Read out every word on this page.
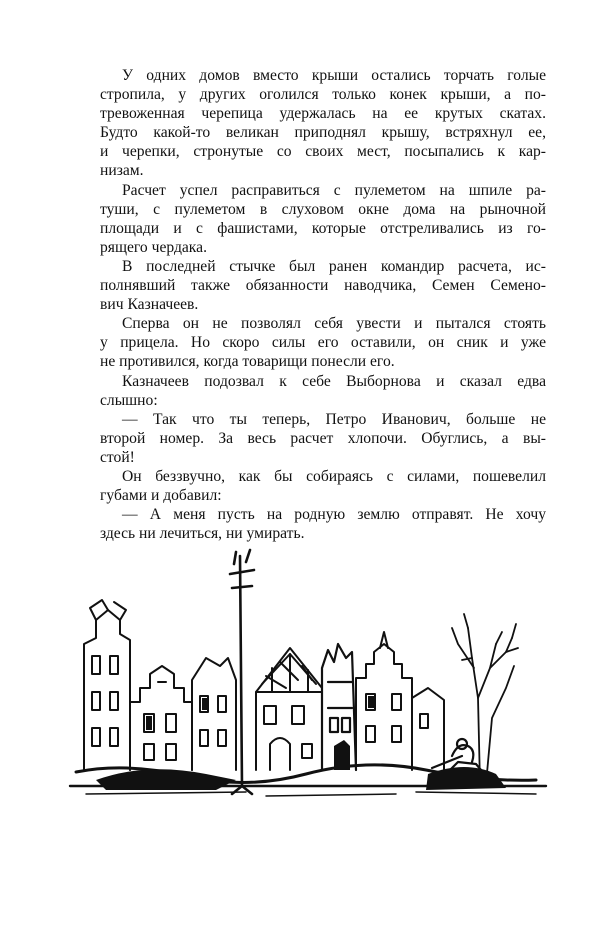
У одних домов вместо крыши остались торчать голые
стропила, у других оголился только конек крыши, а по-
тревоженная черепица удержалась на ее крутых скатах.
Будто какой-то великан приподнял крышу, встряхнул ее,
и черепки, стронутые со своих мест, посыпались к кар-
низам.

Расчет успел расправиться с пулеметом на шпиле ра-
туши, с пулеметом в слуховом окне дома на рыночной
площади и с фашистами, которые отстреливались из го-
рящего чердака.

В последней стычке был ранен командир расчета, ис-
полнявший также обязанности наводчика, Семен Семено-
вич Казначеев.

Сперва он не позволял себя увести и пытался стоять
у прицела. Но скоро силы его оставили, он сник и уже
не противился, когда товарищи понесли его.

Казначеев подозвал к себе Выборнова и сказал едва
слышно:

— Так что ты теперь, Петро Иванович, больше не
второй номер. За весь расчет хлопочи. Обуглись, а вы-
стой!

Он беззвучно, как бы собираясь с силами, пошевелил
губами и добавил:

— А меня пусть на родную землю отправят. Не хочу
здесь ни лечиться, ни умирать.
